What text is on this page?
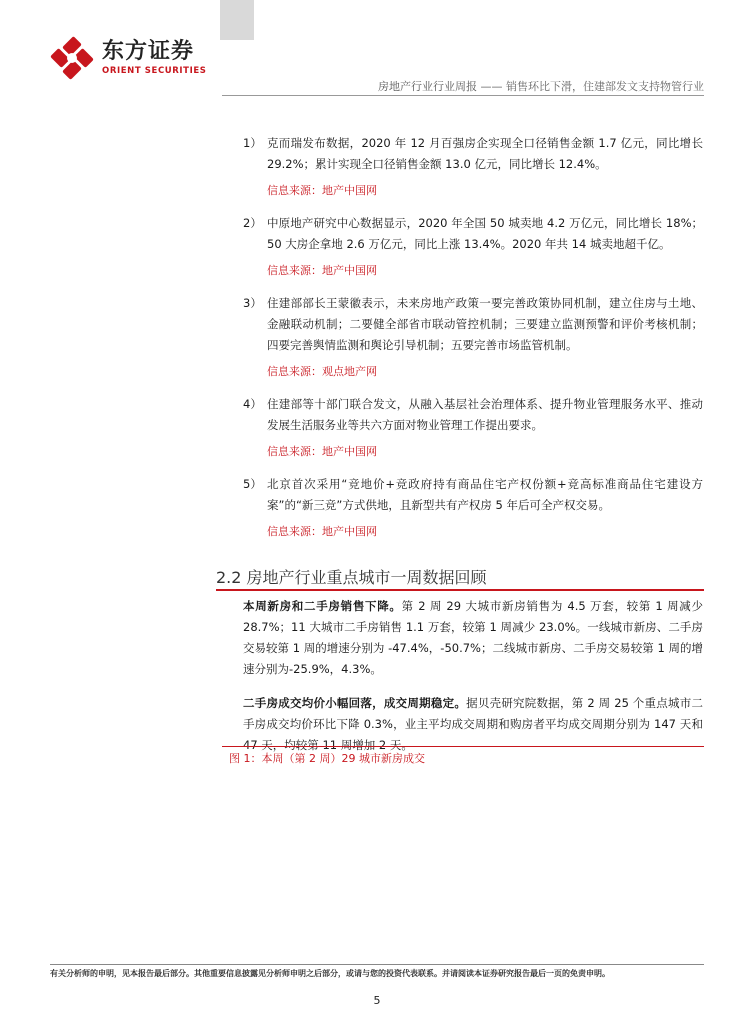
东方证券
ORIENT SECURITIES
房地产行业行业周报 —— 销售环比下滑，住建部发文支持物管行业
1） 克而瑞发布数据，2020 年 12 月百强房企实现全口径销售金额 1.7 亿元，同比增长 29.2%；累计实现全口径销售金额 13.0 亿元，同比增长 12.4%。
信息来源：地产中国网
2） 中原地产研究中心数据显示，2020 年全国 50 城卖地 4.2 万亿元，同比增长 18%；50 大房企拿地 2.6 万亿元，同比上涨 13.4%。2020 年共 14 城卖地超千亿。
信息来源：地产中国网
3） 住建部部长王蒙徽表示，未来房地产政策一要完善政策协同机制，建立住房与土地、金融联动机制；二要健全部省市联动管控机制；三要建立监测预警和评价考核机制；四要完善舆情监测和舆论引导机制；五要完善市场监管机制。
信息来源：观点地产网
4） 住建部等十部门联合发文，从融入基层社会治理体系、提升物业管理服务水平、推动发展生活服务业等共六方面对物业管理工作提出要求。
信息来源：地产中国网
5） 北京首次采用“竞地价+竞政府持有商品住宅产权份额+竞高标准商品住宅建设方案”的“新三竞”方式供地，且新型共有产权房 5 年后可全产权交易。
信息来源：地产中国网
2.2 房地产行业重点城市一周数据回顾

本周新房和二手房销售下降。第 2 周 29 大城市新房销售为 4.5 万套，较第 1 周减少 28.7%；11 大城市二手房销售 1.1 万套，较第 1 周减少 23.0%。一线城市新房、二手房交易较第 1 周的增速分别为 -47.4%，-50.7%；二线城市新房、二手房交易较第 1 周的增速分别为-25.9%，4.3%。

二手房成交均价小幅回落，成交周期稳定。据贝壳研究院数据，第 2 周 25 个重点城市二手房成交均价环比下降 0.3%，业主平均成交周期和购房者平均成交周期分别为 147 天和 47 天，均较第 11 周增加 2 天。

图 1：本周（第 2 周）29 城市新房成交
有关分析师的申明，见本报告最后部分。其他重要信息披露见分析师申明之后部分，或请与您的投资代表联系。并请阅读本证券研究报告最后一页的免责申明。
5
